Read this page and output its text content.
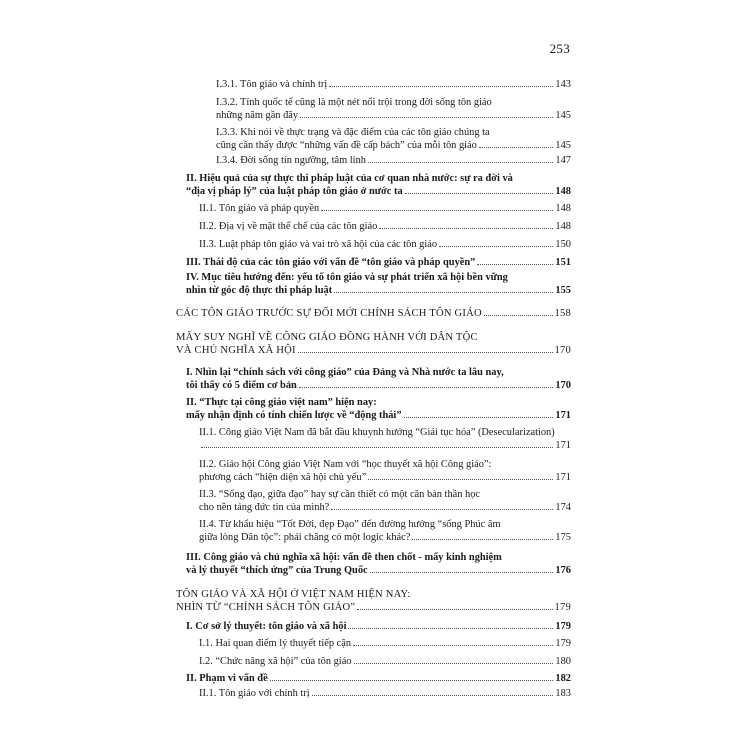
253
I.3.1. Tôn giáo và chính trị	143
I.3.2. Tính quốc tế cũng là một nét nổi trội trong đời sống tôn giáo
những năm gần đây	145
I.3.3. Khi nói về thực trạng và đặc điểm của các tôn giáo chúng ta
cũng cần thấy được “những vấn đề cấp bách” của mỗi tôn giáo	145
I.3.4. Đời sống tín ngưỡng, tâm linh	147
II. Hiệu quả của sự thực thi pháp luật của cơ quan nhà nước: sự ra đời và
“địa vị pháp lý” của luật pháp tôn giáo ở nước ta	148
II.1. Tôn giáo và pháp quyền	148
II.2. Địa vị về mặt thể chế của các tôn giáo	148
II.3. Luật pháp tôn giáo và vai trò xã hội của các tôn giáo	150
III. Thái độ của các tôn giáo với vấn đề “tôn giáo và pháp quyền”	151
IV. Mục tiêu hướng đến: yếu tố tôn giáo và sự phát triển xã hội bền vững
nhìn từ góc độ thực thi pháp luật	155
CÁC TÔN GIÁO TRƯỚC SỰ ĐỔI MỚI CHÍNH SÁCH TÔN GIÁO	158
MẤY SUY NGHĨ VỀ CÔNG GIÁO ĐỒNG HÀNH VỚI DÂN TỘC
VÀ CHỦ NGHĨA XÃ HỘI	170
I. Nhìn lại “chính sách với công giáo” của Đảng và Nhà nước ta lâu nay,
tôi thấy có 5 điểm cơ bản	170
II. “Thực tại công giáo việt nam” hiện nay:
mấy nhận định có tính chiến lược về “động thái”	171
II.1. Công giáo Việt Nam đã bắt đầu khuynh hướng “Giải tục hóa” (Desecularization)
171
II.2. Giáo hội Công giáo Việt Nam với “học thuyết xã hội Công giáo”:
phương cách “hiện diện xã hội chủ yếu”	171
II.3. “Sống đạo, giữa đạo” hay sự cần thiết có một căn bản thần học
cho nền tảng đức tin của mình?	174
II.4. Từ khẩu hiệu “Tốt Đời, đẹp Đạo” đến đường hướng “sống Phúc âm
giữa lòng Dân tộc”: phải chăng có một logic khác?	175
III. Công giáo và chủ nghĩa xã hội: vấn đề then chốt - mấy kinh nghiệm
và lý thuyết “thích ứng” của Trung Quốc	176
TÔN GIÁO VÀ XÃ HỘI Ở VIỆT NAM HIỆN NAY:
NHÌN TỪ “CHÍNH SÁCH TÔN GIÁO”	179
I. Cơ sở lý thuyết: tôn giáo và xã hội	179
I.1. Hai quan điểm lý thuyết tiếp cận	179
I.2. “Chức năng xã hội” của tôn giáo	180
II. Phạm vi vấn đề	182
II.1. Tôn giáo với chính trị	183
